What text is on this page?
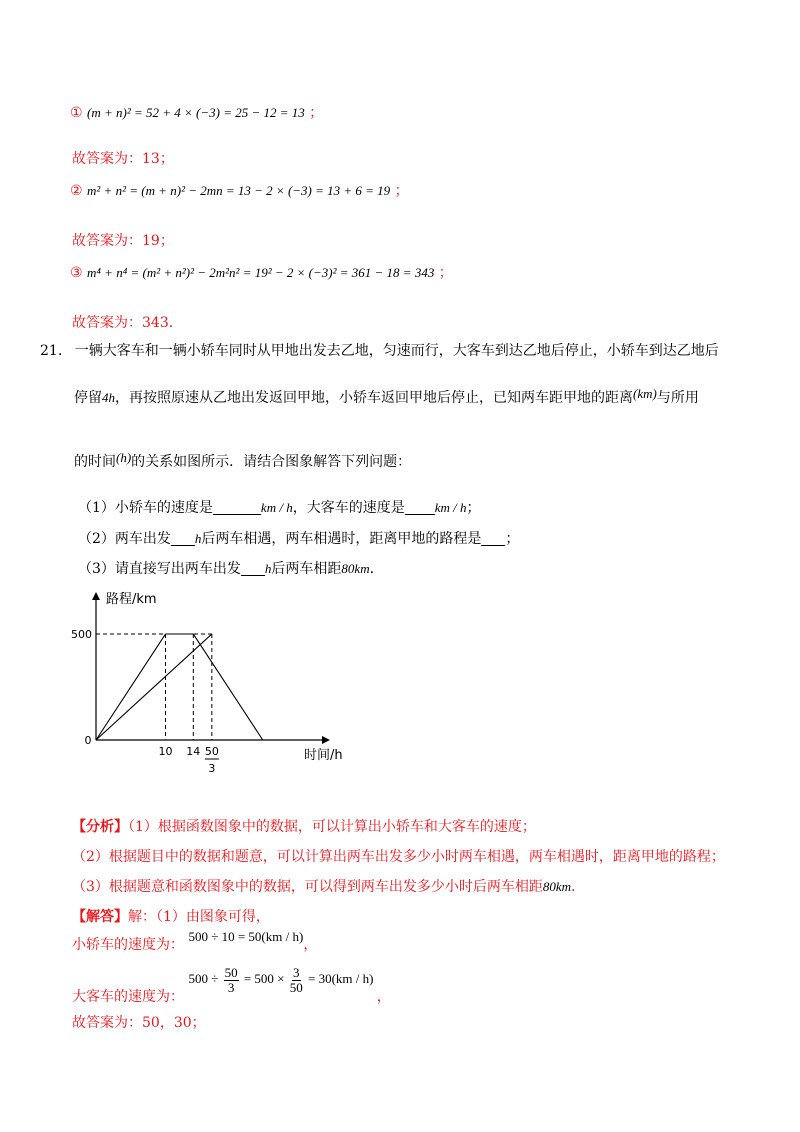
① (m + n)² = 52 + 4 × (−3) = 25 − 12 = 13 ；
故答案为：13；
② m² + n² = (m + n)² − 2mn = 13 − 2 × (−3) = 13 + 6 = 19 ；
故答案为：19；
③ m⁴ + n⁴ = (m² + n²)² − 2m²n² = 19² − 2 × (−3)² = 361 − 18 = 343 ；
故答案为：343．
21. 一辆大客车和一辆小轿车同时从甲地出发去乙地，匀速而行，大客车到达乙地后停止，小轿车到达乙地后
停留4h，再按照原速从乙地出发返回甲地，小轿车返回甲地后停止，已知两车距甲地的距离(km)与所用
的时间(h)的关系如图所示．请结合图象解答下列问题：
（1）小轿车的速度是	km / h，大客车的速度是 km / h；
（2）两车出发 h后两车相遇，两车相遇时，距离甲地的路程是 ；
（3）请直接写出两车出发 h后两车相距80km．
路程/km
时间/h
0
500
10 14 50
3
【分析】（1）根据函数图象中的数据，可以计算出小轿车和大客车的速度；
（2）根据题目中的数据和题意，可以计算出两车出发多少小时两车相遇，两车相遇时，距离甲地的路程；
（3）根据题意和函数图象中的数据，可以得到两车出发多少小时后两车相距80km．
【解答】解：（1）由图象可得，
小轿车的速度为： 500 ÷ 10 = 50(km / h)，
大客车的速度为： $500 \div \frac{50}{3} = 500 \times \frac{3}{50} = 30(km / h)$ ，
故答案为：50，30；
